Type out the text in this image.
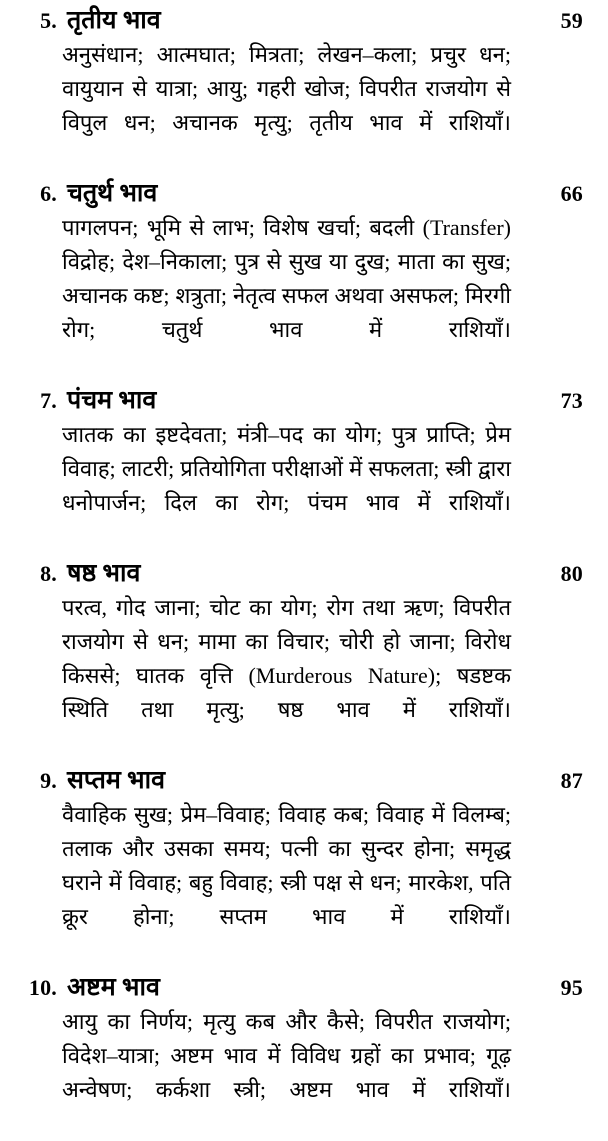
5. तृतीय भाव	59

अनुसंधान; आत्मघात; मित्रता; लेखन–कला; प्रचुर धन; वायुयान से यात्रा; आयु; गहरी खोज; विपरीत राजयोग से विपुल धन; अचानक मृत्यु; तृतीय भाव में राशियाँ।

6. चतुर्थ भाव	66

पागलपन; भूमि से लाभ; विशेष खर्चा; बदली (Transfer) विद्रोह; देश–निकाला; पुत्र से सुख या दुख; माता का सुख; अचानक कष्ट; शत्रुता; नेतृत्व सफल अथवा असफल; मिरगी रोग; चतुर्थ भाव में राशियाँ।

7. पंचम भाव	73

जातक का इष्टदेवता; मंत्री–पद का योग; पुत्र प्राप्ति; प्रेम विवाह; लाटरी; प्रतियोगिता परीक्षाओं में सफलता; स्त्री द्वारा धनोपार्जन; दिल का रोग; पंचम भाव में राशियाँ।

8. षष्ठ भाव	80

परत्व, गोद जाना; चोट का योग; रोग तथा ऋण; विपरीत राजयोग से धन; मामा का विचार; चोरी हो जाना; विरोध किससे; घातक वृत्ति (Murderous Nature); षडष्टक स्थिति तथा मृत्यु; षष्ठ भाव में राशियाँ।

9. सप्तम भाव	87

वैवाहिक सुख; प्रेम–विवाह; विवाह कब; विवाह में विलम्ब; तलाक और उसका समय; पत्नी का सुन्दर होना; समृद्ध घराने में विवाह; बहु विवाह; स्त्री पक्ष से धन; मारकेश, पति क्रूर होना; सप्तम भाव में राशियाँ।

10. अष्टम भाव	95

आयु का निर्णय; मृत्यु कब और कैसे; विपरीत राजयोग; विदेश–यात्रा; अष्टम भाव में विविध ग्रहों का प्रभाव; गूढ़ अन्वेषण; कर्कशा स्त्री; अष्टम भाव में राशियाँ।
